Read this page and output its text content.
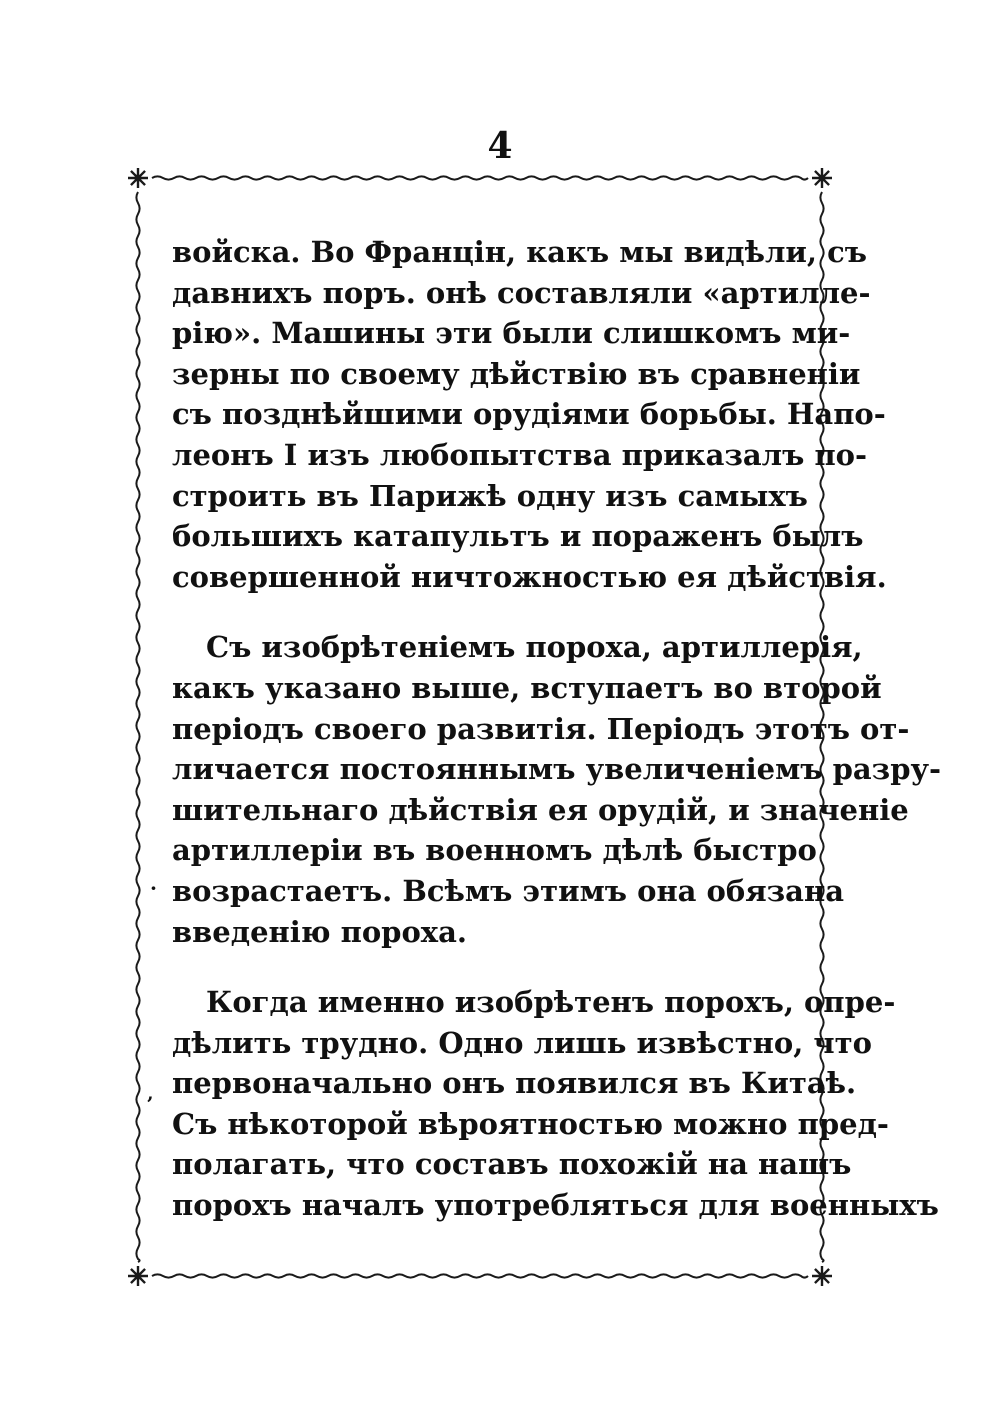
4
войска. Во Францін, какъ мы видѣли, съ
давнихъ поръ. онѣ составляли «артилле-
рію». Машины эти были слишкомъ ми-
зерны по своему дѣйствію въ сравненіи
съ позднѣйшими орудіями борьбы. Напо-
леонъ I изъ любопытства приказалъ по-
строить въ Парижѣ одну изъ самыхъ
большихъ катапультъ и пораженъ былъ
совершенной ничтожностью ея дѣйствія.
Съ изобрѣтеніемъ пороха, артиллерія,
какъ указано выше, вступаетъ во второй
періодъ своего развитія. Періодъ этотъ от-
личается постояннымъ увеличеніемъ разру-
шительнаго дѣйствія ея орудій, и значеніе
артиллеріи въ военномъ дѣлѣ быстро
возрастаетъ. Всѣмъ этимъ она обязана
введенію пороха.
Когда именно изобрѣтенъ порохъ, опре-
дѣлить трудно. Одно лишь извѣстно, что
первоначально онъ появился въ Китаѣ.
Съ нѣкоторой вѣроятностью можно пред-
полагать, что составъ похожій на нашъ
порохъ началъ употребляться для военныхъ
·
ʼ
